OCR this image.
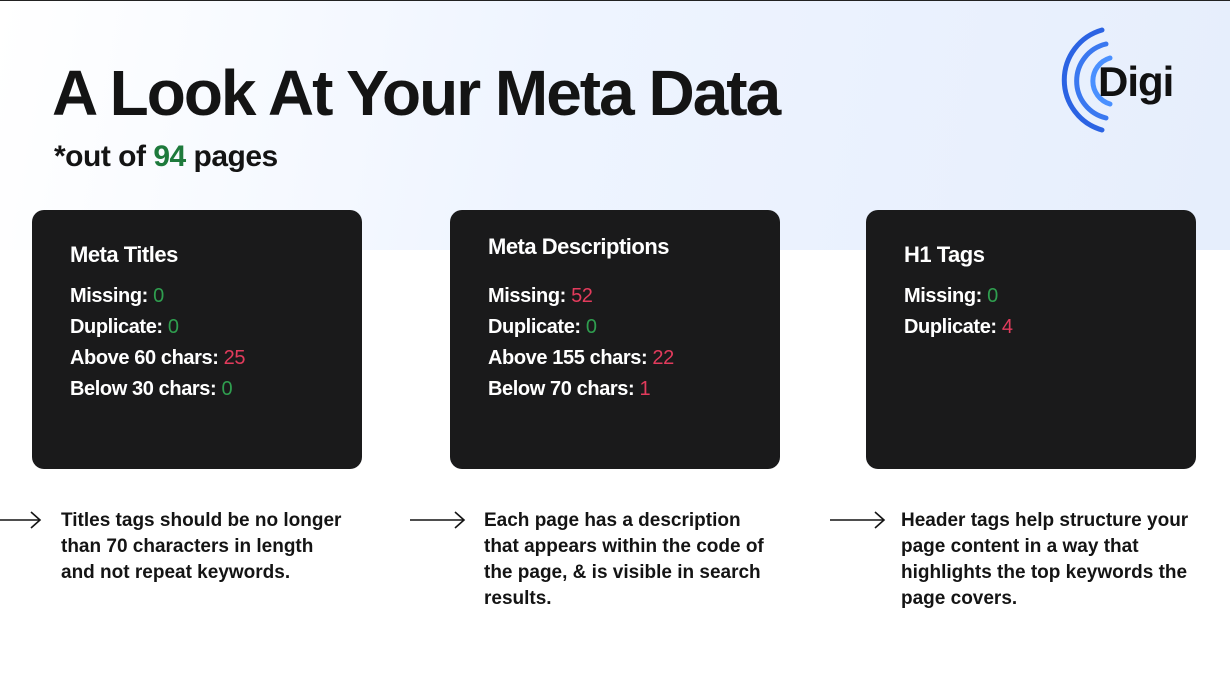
A Look At Your Meta Data
*out of 94 pages
Digi
Meta Titles
Missing: 0
Duplicate: 0
Above 60 chars: 25
Below 30 chars: 0
Meta Descriptions
Missing: 52
Duplicate: 0
Above 155 chars: 22
Below 70 chars: 1
H1 Tags
Missing: 0
Duplicate: 4
Titles tags should be no longer than 70 characters in length and not repeat keywords.
Each page has a description that appears within the code of the page, & is visible in search results.
Header tags help structure your page content in a way that highlights the top keywords the page covers.
